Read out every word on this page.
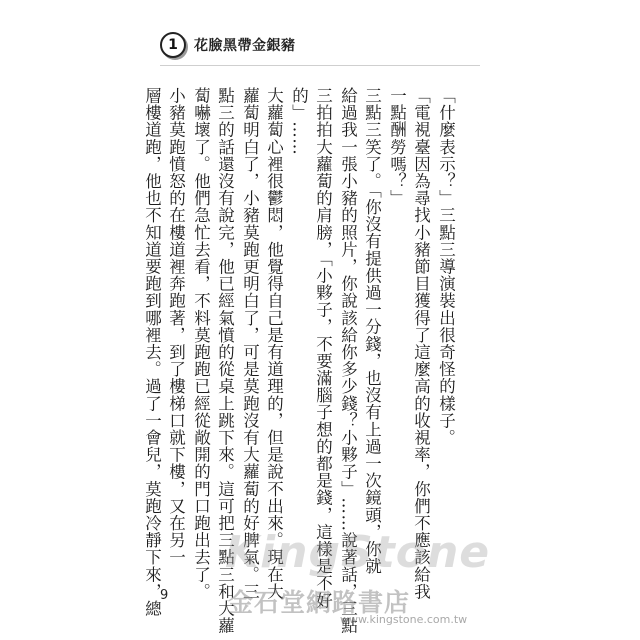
1	花臉黑帶金銀豬
「什麼表示？」三點三導演裝出很奇怪的樣子。
「電視臺因為尋找小豬節目獲得了這麼高的收視率，你們不應該給我
一點酬勞嗎？」
三點三笑了。「你沒有提供過一分錢，也沒有上過一次鏡頭，你就
給過我一張小豬的照片，你說該給你多少錢？小夥子」……說著話，三點
三拍拍大蘿蔔的肩膀，「小夥子，不要滿腦子想的都是錢，這樣是不好
的」……
大蘿蔔心裡很鬱悶，他覺得自己是有道理的，但是說不出來。現在大
蘿蔔明白了，小豬莫跑更明白了，可是莫跑沒有大蘿蔔的好脾氣。三
點三的話還沒有說完，他已經氣憤的從桌上跳下來。這可把三點三和大蘿
蔔嚇壞了。他們急忙去看，不料莫跑跑已經從敞開的門口跑出去了。
小豬莫跑憤怒的在樓道裡奔跑著，到了樓梯口就下樓，又在另一
層樓道跑，他也不知道要跑到哪裡去。過了一會兒，莫跑冷靜下來，總
9
KingStone
金石堂網路書店
www.kingstone.com.tw
